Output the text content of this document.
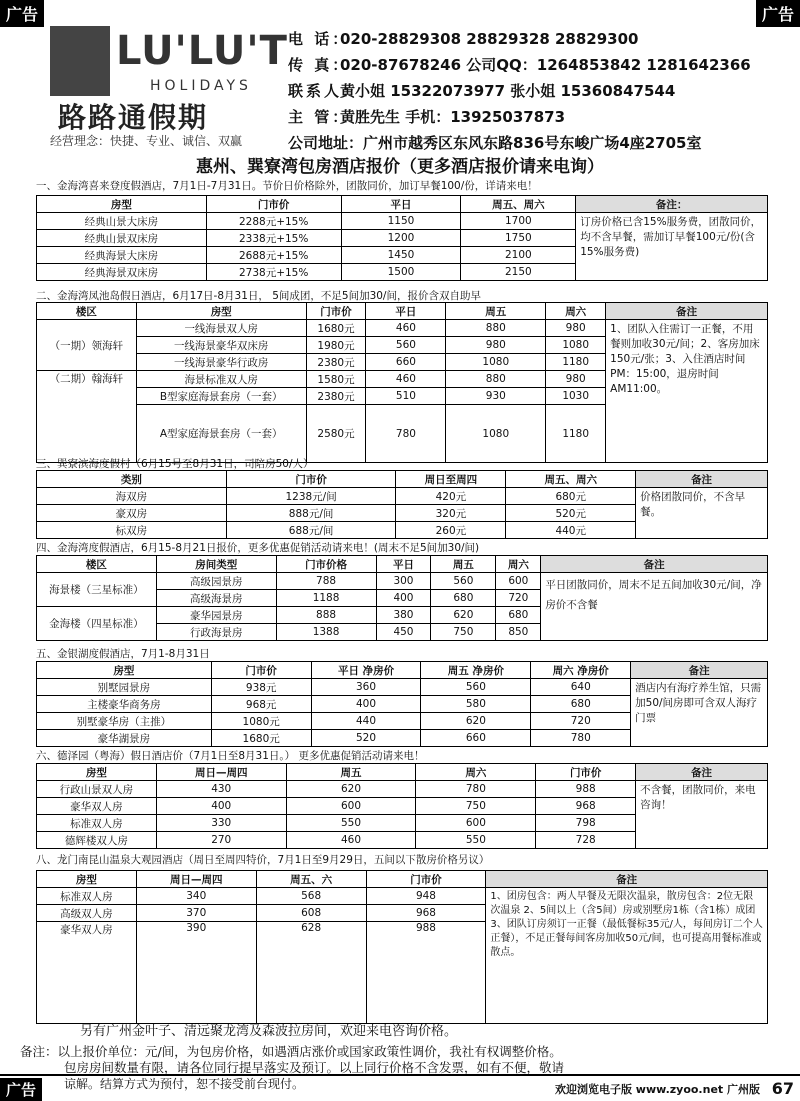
广告	广告
LU'LU'T
HOLIDAYS
路路通假期
经营理念：快捷、专业、诚信、双赢
电 话：020-28829308 28829328 28829300
传 真：020-87678246 公司QQ：1264853842 1281642366
联系人：黄小姐 15322073977 张小姐 15360847544
主 管：黄胜先生 手机：13925037873
公司地址：广州市越秀区东风东路836号东峻广场4座2705室
惠州、巽寮湾包房酒店报价（更多酒店报价请来电询）
一、金海湾喜来登度假酒店，7月1日-7月31日。节价日价格除外，团散同价，加订早餐100/份，详请来电！
房型	门市价	平日	周五、周六	备注：
经典山景大床房	2288元+15%	1150	1700	订房价格已含15%服务费，团散同价，均不含早餐，需加订早餐100元/份(含15%服务费)
经典山景双床房	2338元+15%	1200	1750	
经典海景大床房	2688元+15%	1450	2100	
经典海景双床房	2738元+15%	1500	2150	
二、金海湾凤池岛假日酒店，6月17日-8月31日， 5间成团，不足5间加30/间，报价含双自助早
楼区	房型	门市价	平日	周五	周六	备注
（一期）领海轩	一线海景双人房	1680元	460	880	980	1、团队入住需订一正餐，不用餐则加收30元/间；2、客房加床150元/张；3、入住酒店时间PM：15:00，退房时间AM11:00。
	一线海景豪华双床房	1980元	560	980	1080	
	一线海景豪华行政房	2380元	660	1080	1180	
（二期）翰海轩	海景标准双人房	1580元	460	880	980	
	B型家庭海景套房（一套）	2380元	510	930	1030	
	A型家庭海景套房（一套）	2580元	780	1080	1180	
三、巽寮滨海度假村（6月15号至8月31日，司陪房50/人）
类别	门市价	周日至周四	周五、周六	备注
海双房	1238元/间	420元	680元	价格团散同价，不含早餐。
豪双房	888元/间	320元	520元	
标双房	688元/间	260元	440元	
四、金海湾度假酒店，6月15-8月21日报价，更多优惠促销活动请来电！(周末不足5间加30/间)
楼区	房间类型	门市价格	平日	周五	周六	备注
海景楼（三星标准）	高级园景房	788	300	560	600	平日团散同价，周末不足五间加收30元/间，净房价不含餐
	高级海景房	1188	400	680	720	
金海楼（四星标准）	豪华园景房	888	380	620	680	
	行政海景房	1388	450	750	850	
五、金银湖度假酒店，7月1-8月31日
房型	门市价	平日 净房价	周五 净房价	周六 净房价	备注
别墅园景房	938元	360	560	640	酒店内有海疗养生馆，只需加50/间房即可含双人海疗门票
主楼豪华商务房	968元	400	580	680	
别墅豪华房（主推）	1080元	440	620	720	
豪华湖景房	1680元	520	660	780	
六、德泽园（粤海）假日酒店价（7月1日至8月31日。） 更多优惠促销活动请来电！
房型	周日—周四	周五	周六	门市价	备注
行政山景双人房	430	620	780	988	不含餐，团散同价，来电咨询！
豪华双人房	400	600	750	968	
标准双人房	330	550	600	798	
德辉楼双人房	270	460	550	728	
八、龙门南昆山温泉大观园酒店（周日至周四特价，7月1日至9月29日，五间以下散房价格另议）
房型	周日—周四	周五、六	门市价	备注
标准双人房	340	568	948	1、团房包含：两人早餐及无限次温泉，散房包含：2位无限次温泉 2、5间以上（含5间）房或别墅房1栋（含1栋）成团 3、团队订房须订一正餐（最低餐标35元/人，每间房订二个人正餐），不足正餐每间客房加收50元/间，也可提高用餐标准或散点。
高级双人房	370	608	968	
豪华双人房	390	628	988	
另有广州金叶子、清远聚龙湾及森波拉房间，欢迎来电咨询价格。
备注：以上报价单位：元/间，为包房价格，如遇酒店涨价或国家政策性调价，我社有权调整价格。
包房房间数量有限，请各位同行提早落实及预订。以上同行价格不含发票，如有不便，敬请
广告	谅解。结算方式为预付，恕不接受前台现付。	欢迎浏览电子版 www.zyoo.net 广州版 67
